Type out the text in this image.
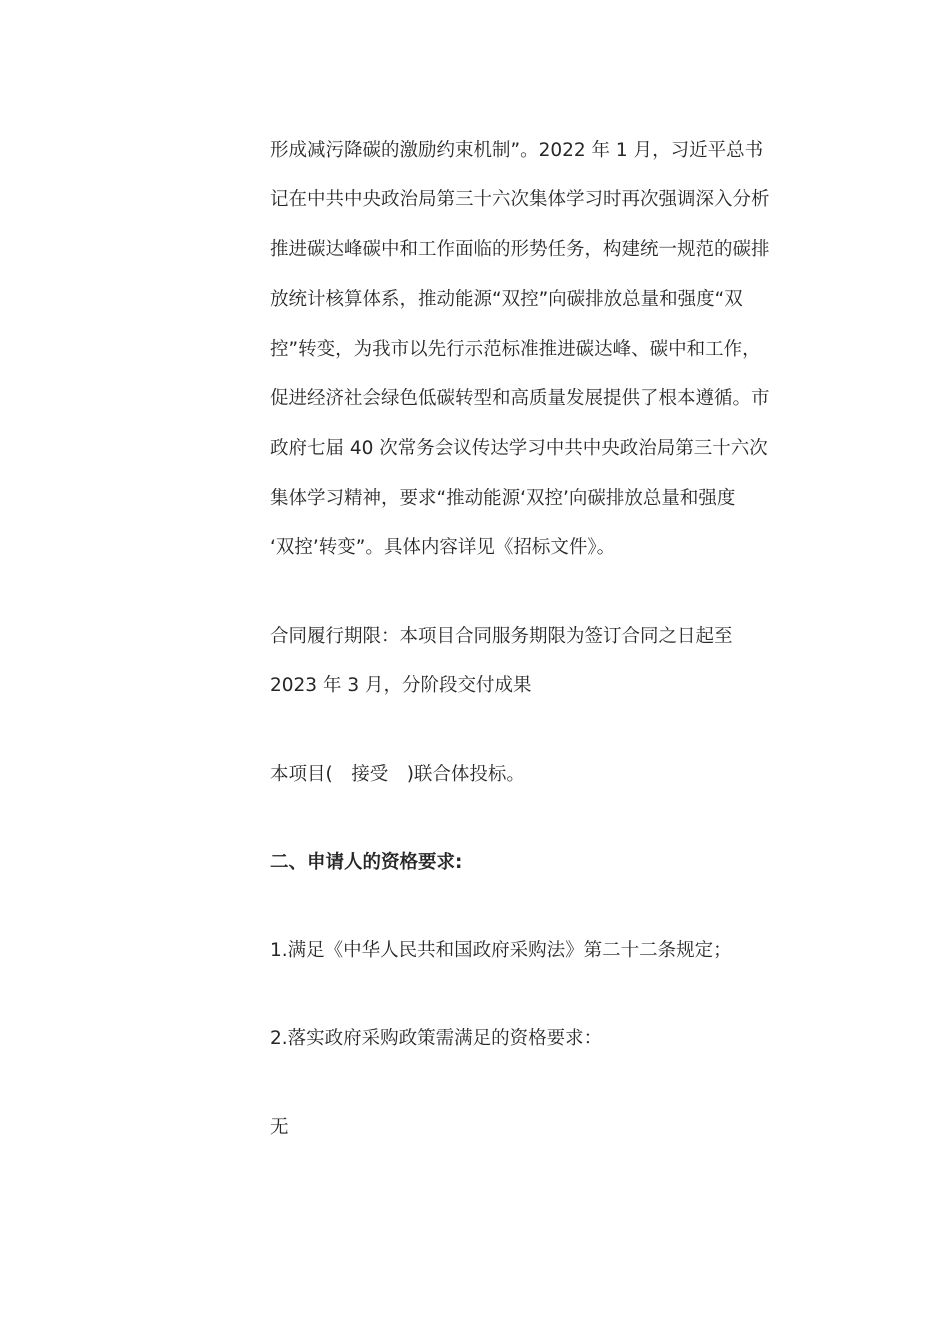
形成减污降碳的激励约束机制”。2022 年 1 月，习近平总书
记在中共中央政治局第三十六次集体学习时再次强调深入分析
推进碳达峰碳中和工作面临的形势任务，构建统一规范的碳排
放统计核算体系，推动能源“双控”向碳排放总量和强度“双
控”转变，为我市以先行示范标准推进碳达峰、碳中和工作，
促进经济社会绿色低碳转型和高质量发展提供了根本遵循。市
政府七届 40 次常务会议传达学习中共中央政治局第三十六次
集体学习精神，要求“推动能源‘双控’向碳排放总量和强度
‘双控’转变”。具体内容详见《招标文件》。
合同履行期限：本项目合同服务期限为签订合同之日起至
2023 年 3 月，分阶段交付成果
本项目(　接受　)联合体投标。
二、申请人的资格要求:
1.满足《中华人民共和国政府采购法》第二十二条规定；
2.落实政府采购政策需满足的资格要求：
无
